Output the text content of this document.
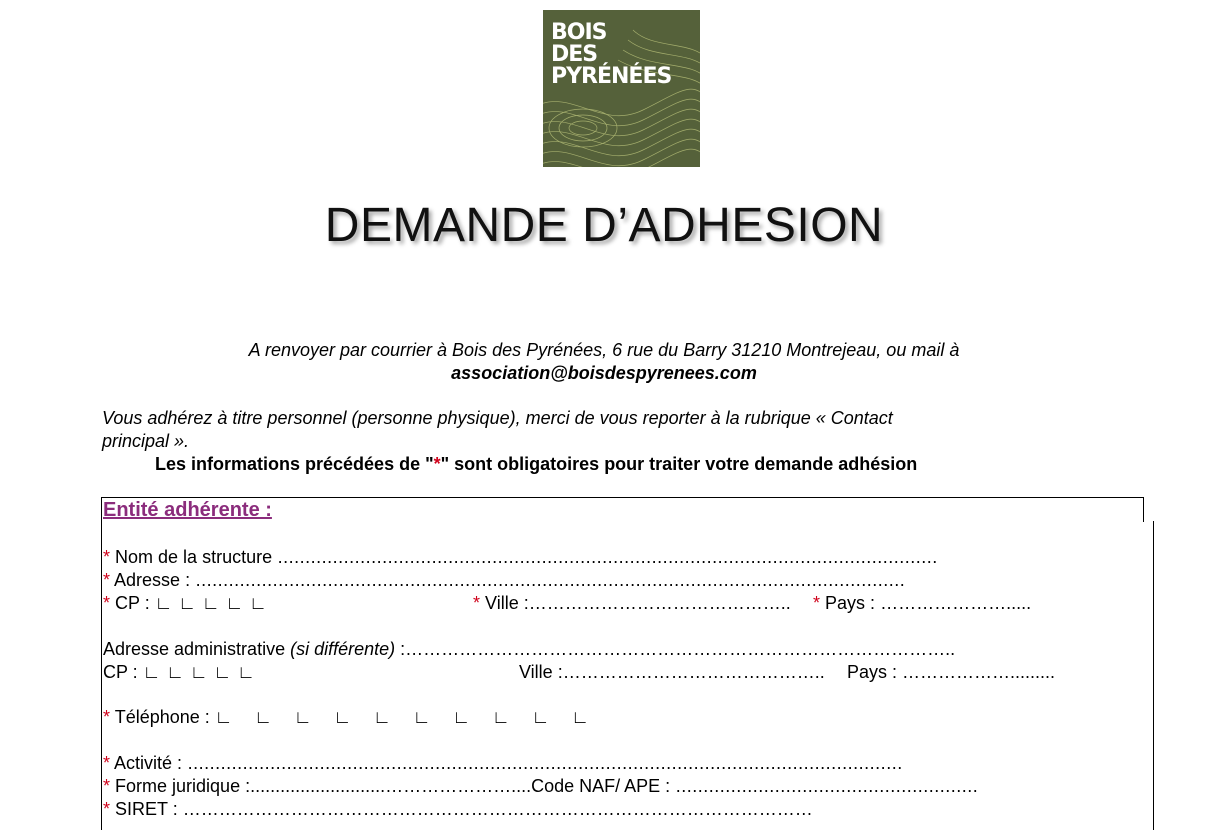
BOIS
DES
PYRÉNÉES
DEMANDE D’ADHESION
A renvoyer par courrier à Bois des Pyrénées, 6 rue du Barry 31210 Montrejeau, ou mail à
association@boisdespyrenees.com
Vous adhérez à titre personnel (personne physique), merci de vous reporter à la rubrique « Contact
principal ».
Les informations précédées de "*" sont obligatoires pour traiter votre demande adhésion
Entité adhérente :
* Nom de la structure ........................................................................................................................
* Adresse : .................................................................................................................................
* CP : ∟∟∟∟∟	* Ville :…………………………………….. * Pays : ………………….....
Adresse administrative (si différente) :………………………………………………………………………………..
CP : ∟∟∟∟∟	Ville :…………………………………….. Pays : ……………….........
* Téléphone : ∟∟∟∟∟∟∟∟∟∟
* Activité : ..................................................................................................................................
* Forme juridique :...........................…………………....Code NAF/ APE : .......................................................
* SIRET : ……………………………………………………………………………………………
